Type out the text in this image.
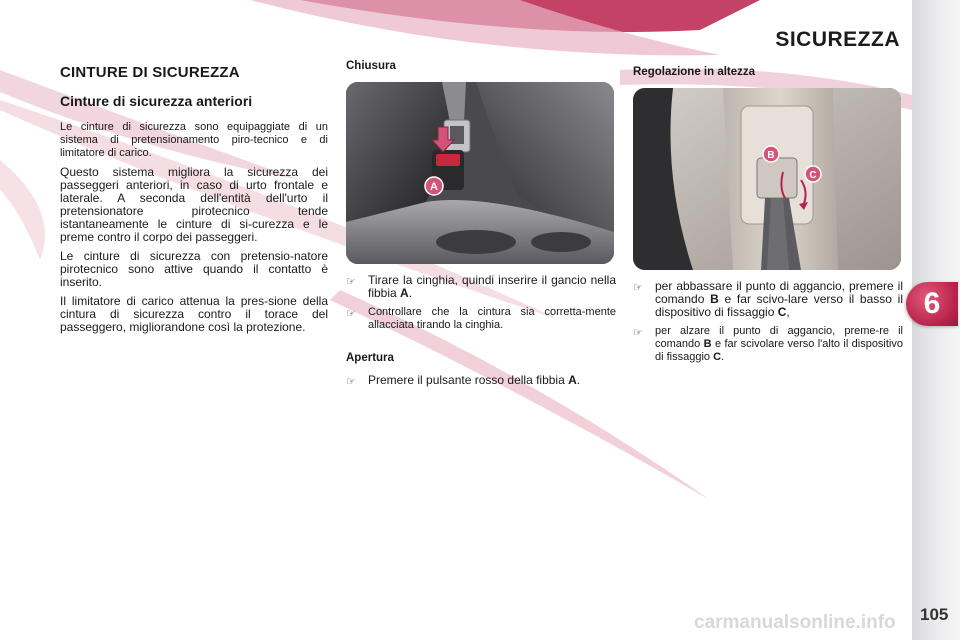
SICUREZZA
6
carmanualsonline.info 105
CINTURE DI SICUREZZA
Cinture di sicurezza anteriori

Le cinture di sicurezza sono equipaggiate di un sistema di pretensionamento piro-tecnico e di limitatore di carico.

Questo sistema migliora la sicurezza dei passeggeri anteriori, in caso di urto frontale e laterale. A seconda dell'entità dell'urto il pretensionatore pirotecnico tende istantaneamente le cinture di si-curezza e le preme contro il corpo dei passeggeri.

Le cinture di sicurezza con pretensio-natore pirotecnico sono attive quando il contatto è inserito.

Il limitatore di carico attenua la pres-sione della cintura di sicurezza contro il torace del passeggero, migliorandone così la protezione.

Chiusura
A
☞	Tirare la cinghia, quindi inserire il gancio nella fibbia A.
☞	Controllare che la cintura sia corretta-mente allacciata tirando la cinghia.
Apertura
☞	Premere il pulsante rosso della fibbia A.
Regolazione in altezza
B
C
☞	per abbassare il punto di aggancio, premere il comando B e far scivo-lare verso il basso il dispositivo di fissaggio C,
☞	per alzare il punto di aggancio, preme-re il comando B e far scivolare verso l'alto il dispositivo di fissaggio C.
